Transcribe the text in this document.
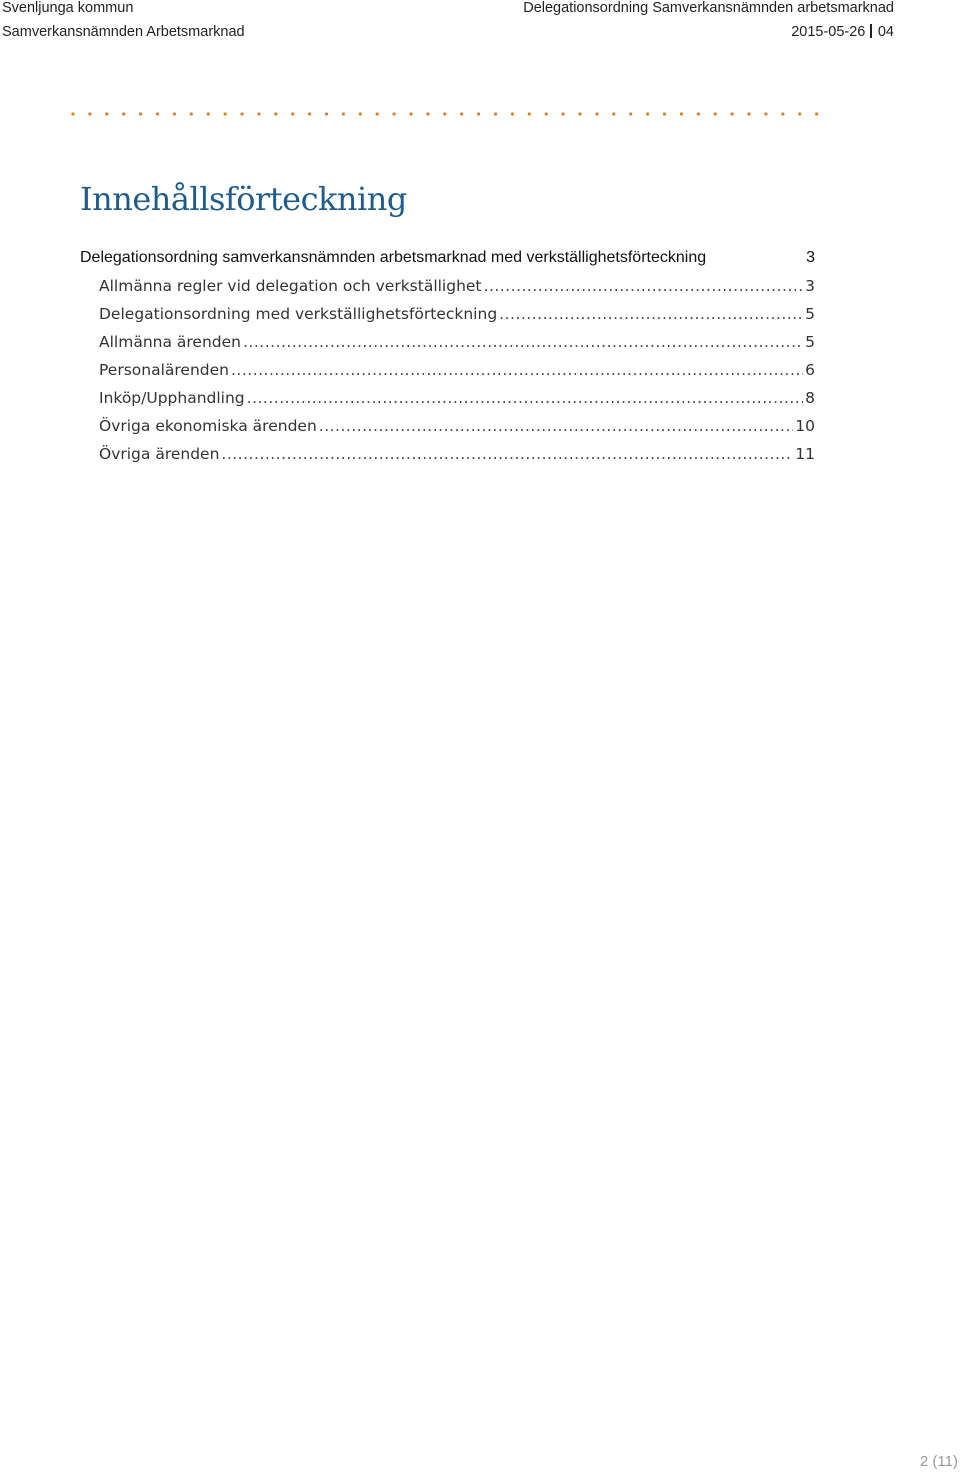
Svenljunga kommun
Samverkansnämnden Arbetsmarknad
Delegationsordning Samverkansnämnden arbetsmarknad
2015-05-26 04
Innehållsförteckning
Delegationsordning samverkansnämnden arbetsmarknad med verkställighetsförteckning	3
Allmänna regler vid delegation och verkställighet .....	3
Delegationsordning med verkställighetsförteckning .....	5
Allmänna ärenden .....	5
Personalärenden .....	6
Inköp/Upphandling .....	8
Övriga ekonomiska ärenden .....	10
Övriga ärenden .....	11
2 (11)
